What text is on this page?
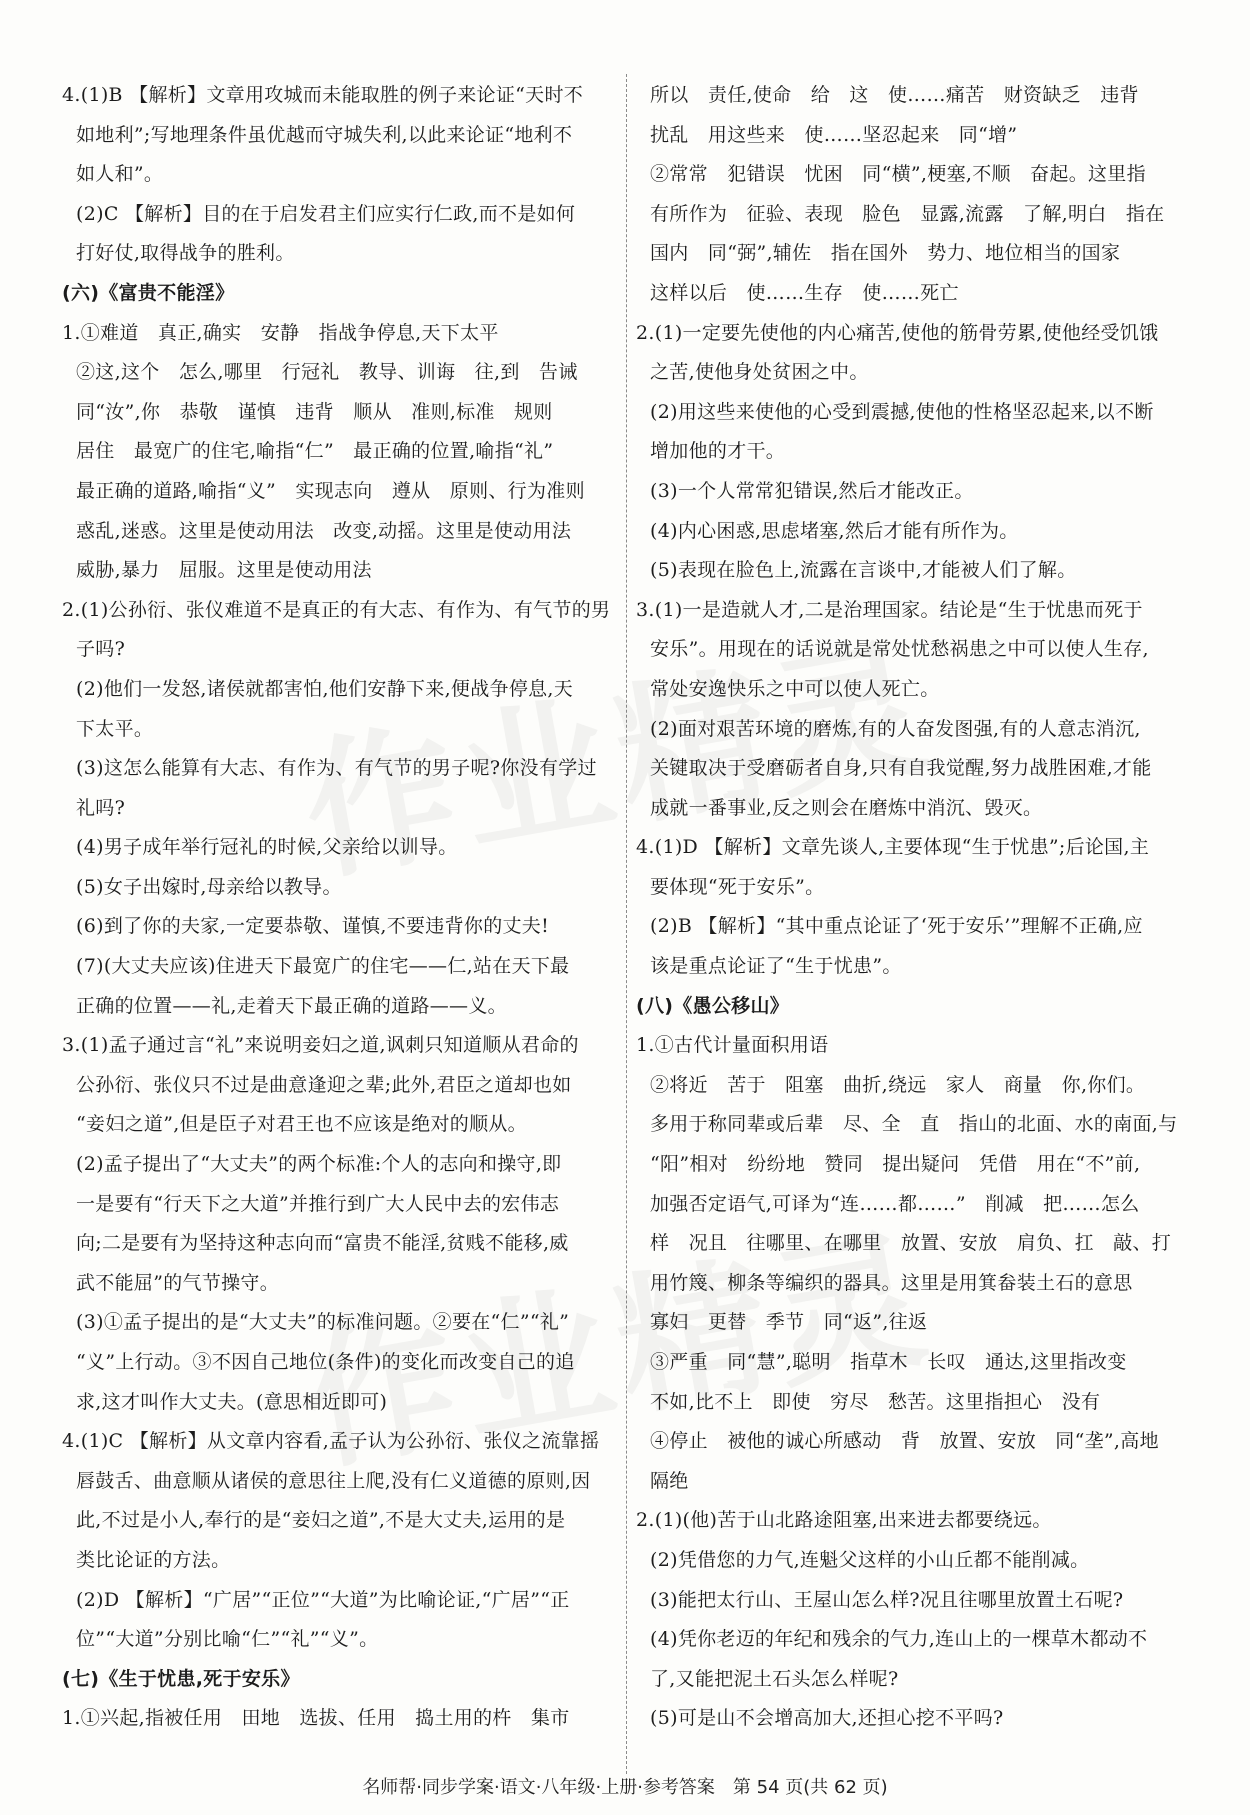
4.(1)B 【解析】文章用攻城而未能取胜的例子来论证“天时不
如地利”;写地理条件虽优越而守城失利,以此来论证“地利不
如人和”。
(2)C 【解析】目的在于启发君主们应实行仁政,而不是如何
打好仗,取得战争的胜利。
(六)《富贵不能淫》
1.①难道　真正,确实　安静　指战争停息,天下太平
②这,这个　怎么,哪里　行冠礼　教导、训诲　往,到　告诫
同“汝”,你　恭敬　谨慎　违背　顺从　准则,标准　规则
居住　最宽广的住宅,喻指“仁”　最正确的位置,喻指“礼”
最正确的道路,喻指“义”　实现志向　遵从　原则、行为准则
惑乱,迷惑。这里是使动用法　改变,动摇。这里是使动用法
威胁,暴力　屈服。这里是使动用法
2.(1)公孙衍、张仪难道不是真正的有大志、有作为、有气节的男
子吗?
(2)他们一发怒,诸侯就都害怕,他们安静下来,便战争停息,天
下太平。
(3)这怎么能算有大志、有作为、有气节的男子呢?你没有学过
礼吗?
(4)男子成年举行冠礼的时候,父亲给以训导。
(5)女子出嫁时,母亲给以教导。
(6)到了你的夫家,一定要恭敬、谨慎,不要违背你的丈夫!
(7)(大丈夫应该)住进天下最宽广的住宅——仁,站在天下最
正确的位置——礼,走着天下最正确的道路——义。
3.(1)孟子通过言“礼”来说明妾妇之道,讽刺只知道顺从君命的
公孙衍、张仪只不过是曲意逢迎之辈;此外,君臣之道却也如
“妾妇之道”,但是臣子对君王也不应该是绝对的顺从。
(2)孟子提出了“大丈夫”的两个标准:个人的志向和操守,即
一是要有“行天下之大道”并推行到广大人民中去的宏伟志
向;二是要有为坚持这种志向而“富贵不能淫,贫贱不能移,威
武不能屈”的气节操守。
(3)①孟子提出的是“大丈夫”的标准问题。②要在“仁”“礼”
“义”上行动。③不因自己地位(条件)的变化而改变自己的追
求,这才叫作大丈夫。(意思相近即可)
4.(1)C 【解析】从文章内容看,孟子认为公孙衍、张仪之流靠摇
唇鼓舌、曲意顺从诸侯的意思往上爬,没有仁义道德的原则,因
此,不过是小人,奉行的是“妾妇之道”,不是大丈夫,运用的是
类比论证的方法。
(2)D 【解析】“广居”“正位”“大道”为比喻论证,“广居”“正
位”“大道”分别比喻“仁”“礼”“义”。
(七)《生于忧患,死于安乐》
1.①兴起,指被任用　田地　选拔、任用　捣土用的杵　集市
所以　责任,使命　给　这　使……痛苦　财资缺乏　违背
扰乱　用这些来　使……坚忍起来　同“增”
②常常　犯错误　忧困　同“横”,梗塞,不顺　奋起。这里指
有所作为　征验、表现　脸色　显露,流露　了解,明白　指在
国内　同“弼”,辅佐　指在国外　势力、地位相当的国家
这样以后　使……生存　使……死亡
2.(1)一定要先使他的内心痛苦,使他的筋骨劳累,使他经受饥饿
之苦,使他身处贫困之中。
(2)用这些来使他的心受到震撼,使他的性格坚忍起来,以不断
增加他的才干。
(3)一个人常常犯错误,然后才能改正。
(4)内心困惑,思虑堵塞,然后才能有所作为。
(5)表现在脸色上,流露在言谈中,才能被人们了解。
3.(1)一是造就人才,二是治理国家。结论是“生于忧患而死于
安乐”。用现在的话说就是常处忧愁祸患之中可以使人生存,
常处安逸快乐之中可以使人死亡。
(2)面对艰苦环境的磨炼,有的人奋发图强,有的人意志消沉,
关键取决于受磨砺者自身,只有自我觉醒,努力战胜困难,才能
成就一番事业,反之则会在磨炼中消沉、毁灭。
4.(1)D 【解析】文章先谈人,主要体现“生于忧患”;后论国,主
要体现“死于安乐”。
(2)B 【解析】“其中重点论证了‘死于安乐’”理解不正确,应
该是重点论证了“生于忧患”。
(八)《愚公移山》
1.①古代计量面积用语
②将近　苦于　阻塞　曲折,绕远　家人　商量　你,你们。
多用于称同辈或后辈　尽、全　直　指山的北面、水的南面,与
“阳”相对　纷纷地　赞同　提出疑问　凭借　用在“不”前,
加强否定语气,可译为“连……都……”　削减　把……怎么
样　况且　往哪里、在哪里　放置、安放　肩负、扛　敲、打
用竹篾、柳条等编织的器具。这里是用箕畚装土石的意思
寡妇　更替　季节　同“返”,往返
③严重　同“慧”,聪明　指草木　长叹　通达,这里指改变
不如,比不上　即使　穷尽　愁苦。这里指担心　没有
④停止　被他的诚心所感动　背　放置、安放　同“垄”,高地
隔绝
2.(1)(他)苦于山北路途阻塞,出来进去都要绕远。
(2)凭借您的力气,连魁父这样的小山丘都不能削减。
(3)能把太行山、王屋山怎么样?况且往哪里放置土石呢?
(4)凭你老迈的年纪和残余的气力,连山上的一棵草木都动不
了,又能把泥土石头怎么样呢?
(5)可是山不会增高加大,还担心挖不平吗?
名师帮·同步学案·语文·八年级·上册·参考答案　第 54 页(共 62 页)
